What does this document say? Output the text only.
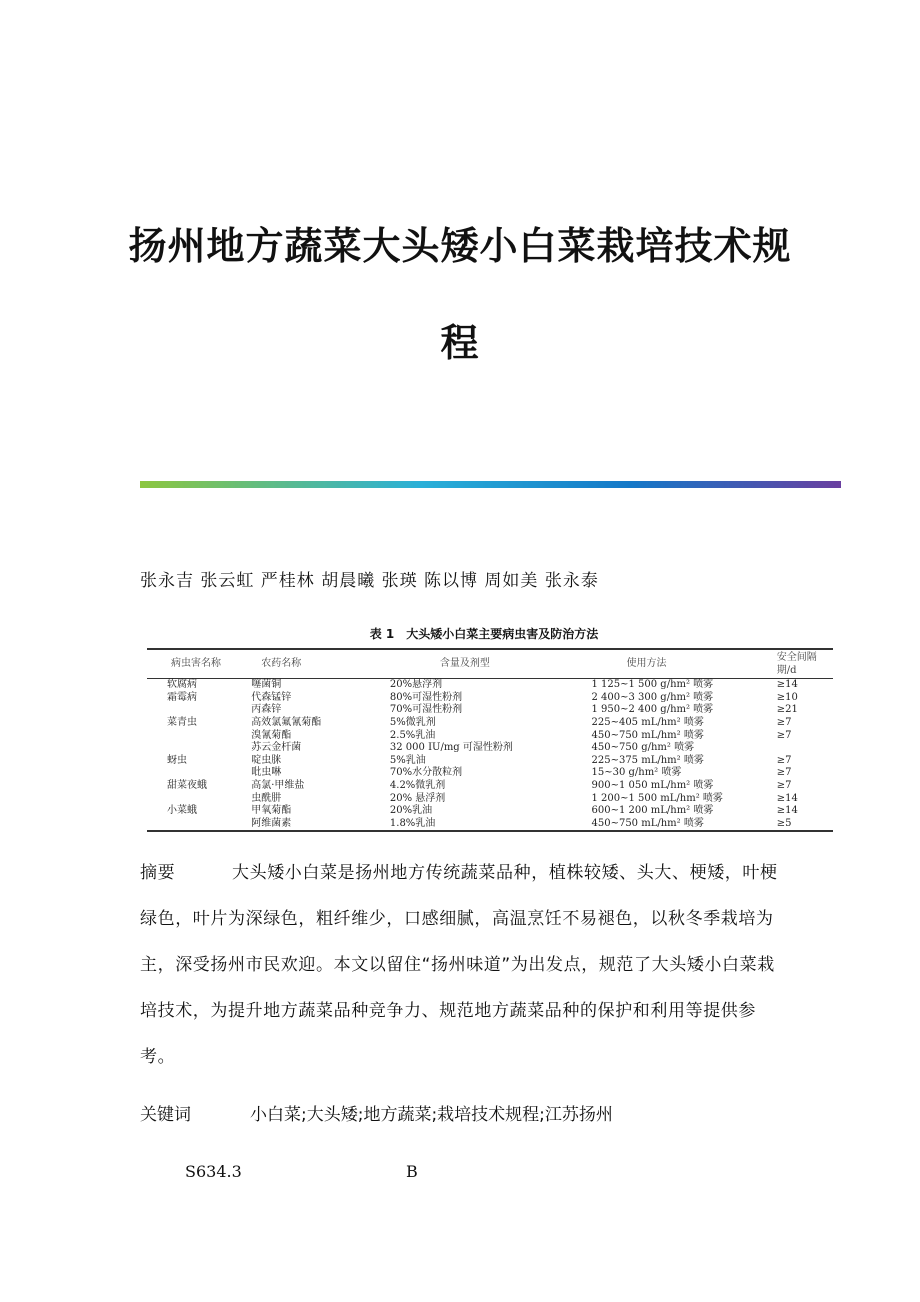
扬州地方蔬菜大头矮小白菜栽培技术规
程
张永吉 张云虹 严桂林 胡晨曦 张瑛 陈以博 周如美 张永泰
表 1 大头矮小白菜主要病虫害及防治方法
病虫害名称	农药名称	含量及剂型	使用方法	安全间隔期/d
软腐病	噻菌铜	20%悬浮剂	1 125~1 500 g/hm² 喷雾	≥14
霜霉病	代森锰锌	80%可湿性粉剂	2 400~3 300 g/hm² 喷雾	≥10
	丙森锌	70%可湿性粉剂	1 950~2 400 g/hm² 喷雾	≥21
菜青虫	高效氯氟氰菊酯	5%微乳剂	225~405 mL/hm² 喷雾	≥7
	溴氰菊酯	2.5%乳油	450~750 mL/hm² 喷雾	≥7
	苏云金杆菌	32 000 IU/mg 可湿性粉剂	450~750 g/hm² 喷雾	
蚜虫	啶虫脒	5%乳油	225~375 mL/hm² 喷雾	≥7
	吡虫啉	70%水分散粒剂	15~30 g/hm² 喷雾	≥7
甜菜夜蛾	高氯·甲维盐	4.2%微乳剂	900~1 050 mL/hm² 喷雾	≥7
	虫酰肼	20% 悬浮剂	1 200~1 500 mL/hm² 喷雾	≥14
小菜蛾	甲氧菊酯	20%乳油	600~1 200 mL/hm² 喷雾	≥14
	阿维菌素	1.8%乳油	450~750 mL/hm² 喷雾	≥5
摘要	大头矮小白菜是扬州地方传统蔬菜品种，植株较矮、头大、梗矮，叶梗绿色，叶片为深绿色，粗纤维少，口感细腻，高温烹饪不易褪色，以秋冬季栽培为主，深受扬州市民欢迎。本文以留住“扬州味道”为出发点，规范了大头矮小白菜栽培技术，为提升地方蔬菜品种竞争力、规范地方蔬菜品种的保护和利用等提供参考。
关键词	小白菜;大头矮;地方蔬菜;栽培技术规程;江苏扬州
S634.3	B
